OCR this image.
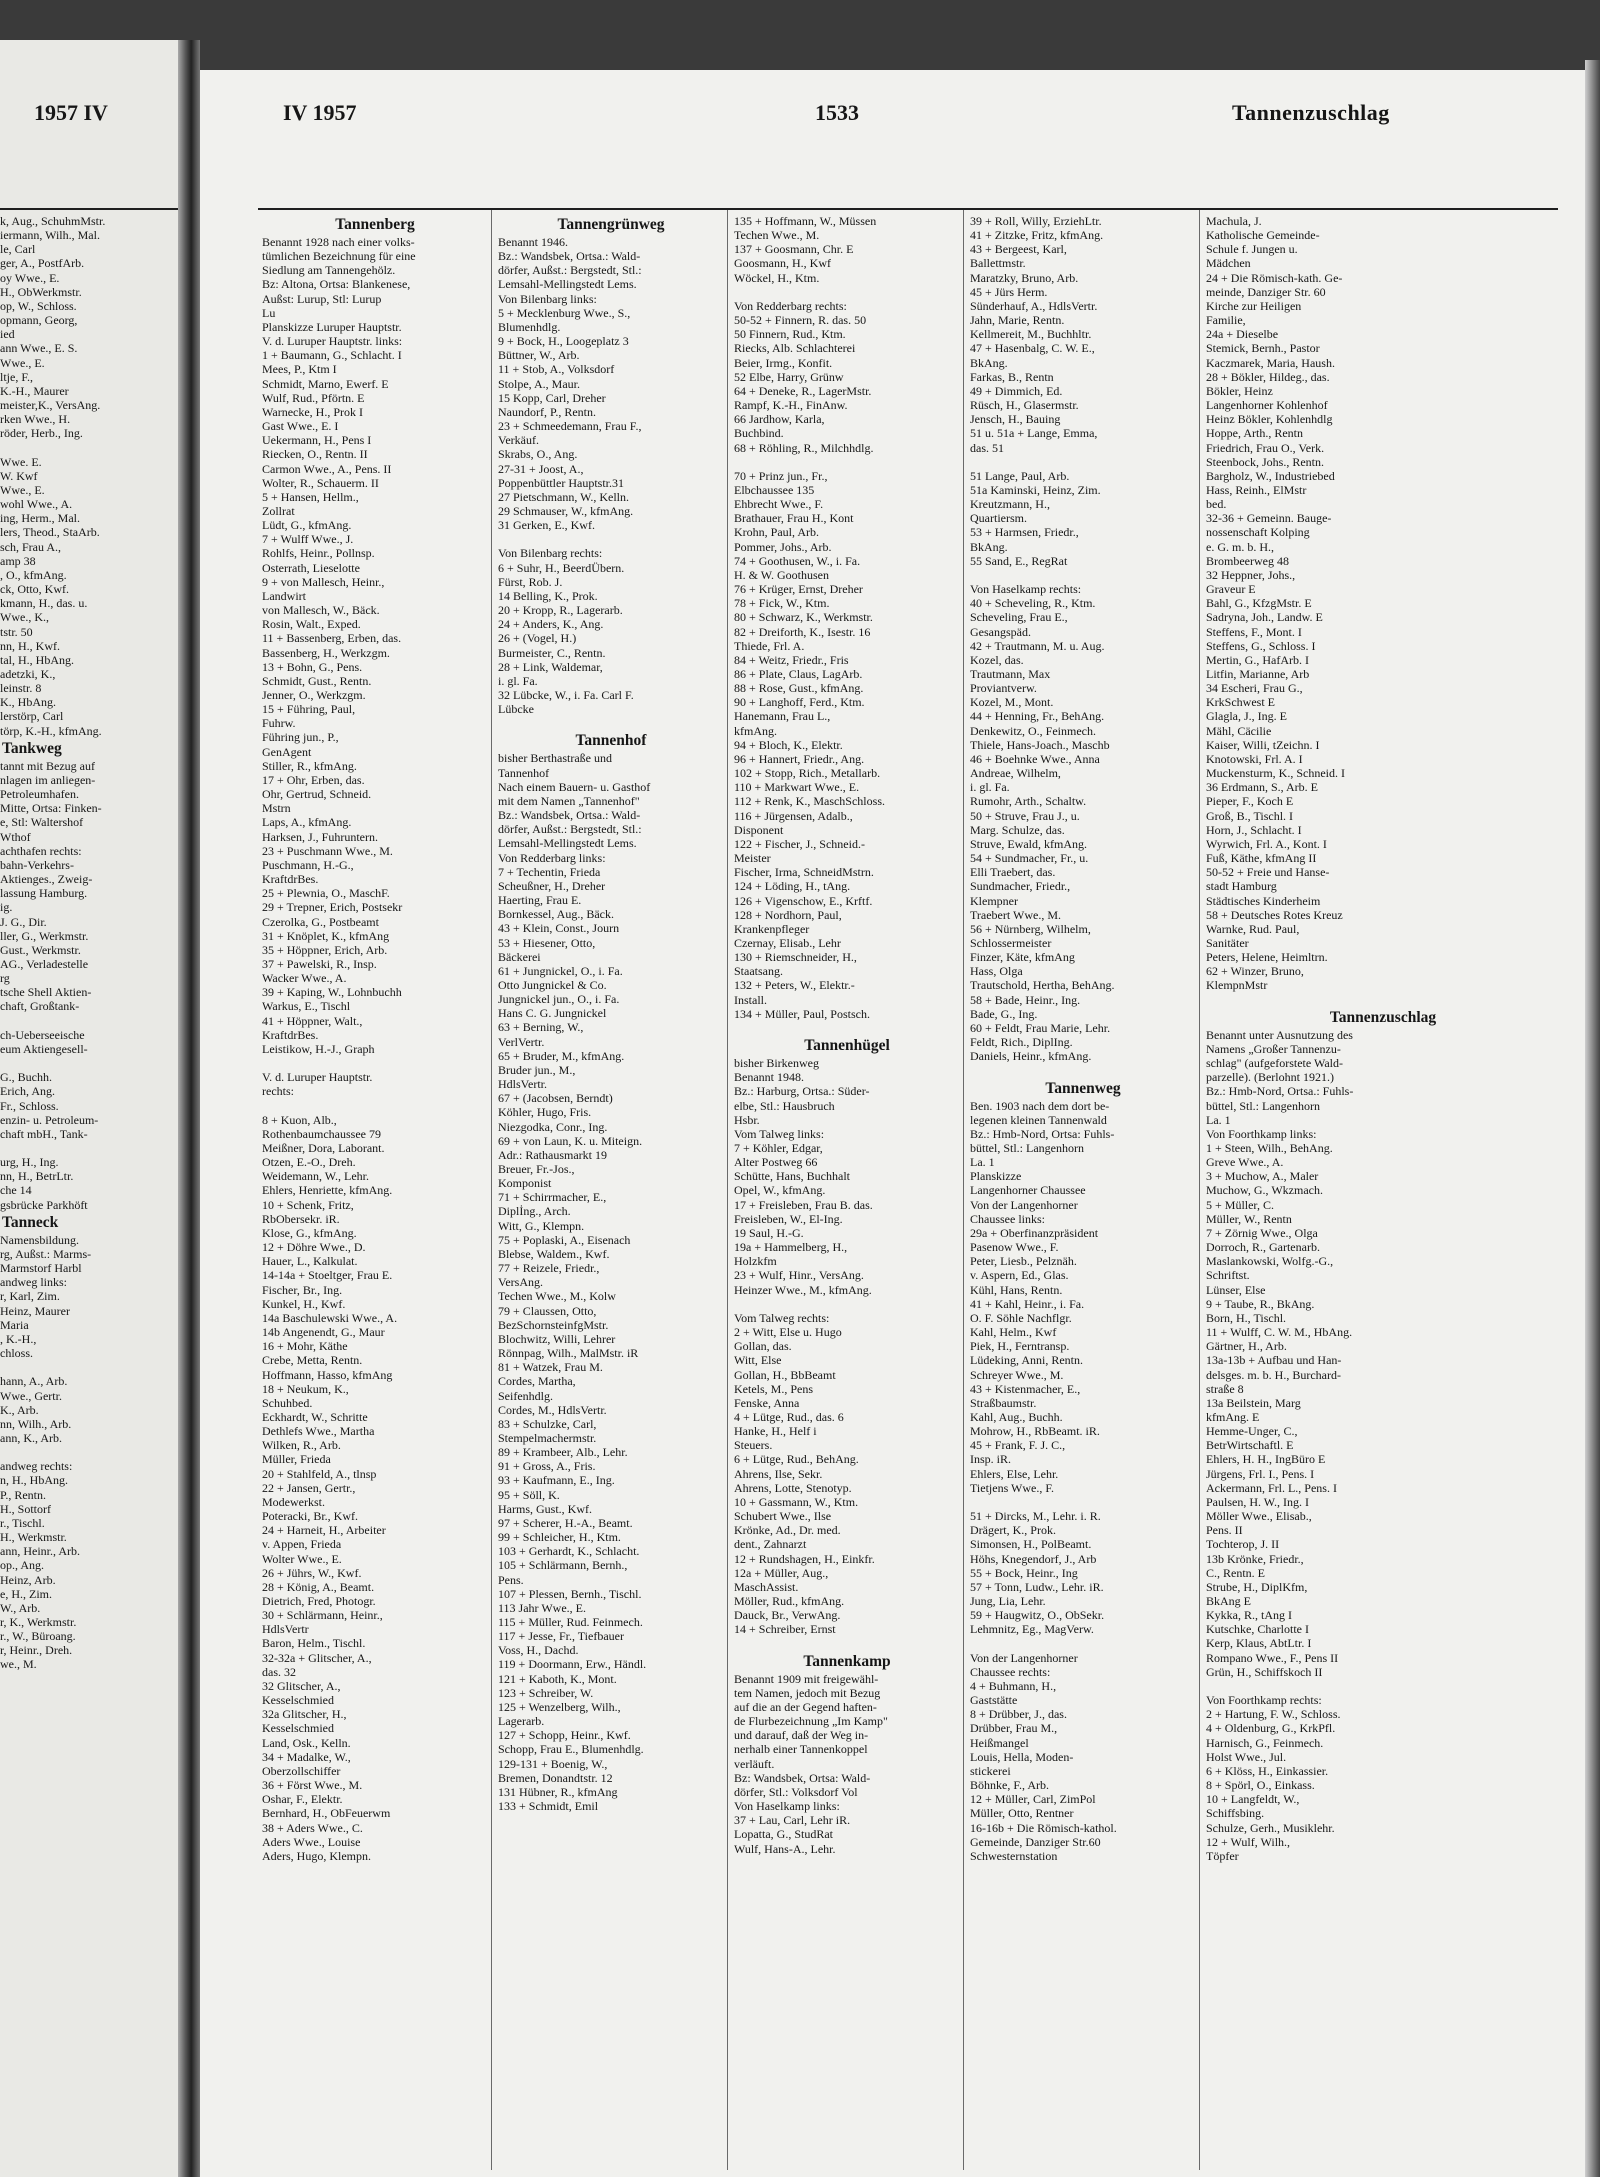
1957 IV	IV 1957	1533	Tannenzuschlag

k, Aug., SchuhmMstr.

iermann, Wilh., Mal.

le, Carl

ger, A., PostfArb.

oy Wwe., E.

H., ObWerkmstr.

op, W., Schloss.

opmann, Georg,

ied

ann Wwe., E. S.

Wwe., E.

ltje, F.,

K.-H., Maurer

meister,K., VersAng.

rken Wwe., H.

röder, Herb., Ing.

Wwe. E.

W. Kwf

Wwe., E.

wohl Wwe., A.

ing, Herm., Mal.

lers, Theod., StaArb.

sch, Frau A.,

amp 38

, O., kfmAng.

ck, Otto, Kwf.

kmann, H., das. u.

Wwe., K.,

tstr. 50

nn, H., Kwf.

tal, H., HbAng.

adetzki, K.,

leinstr. 8

K., HbAng.

lerstörp, Carl

törp, K.-H., kfmAng.

Tankweg

tannt mit Bezug auf

nlagen im anliegen-

Petroleumhafen.

Mitte, Ortsa: Finken-

e, Stl: Waltershof

Wthof

achthafen rechts:

bahn-Verkehrs-

Aktienges., Zweig-

lassung Hamburg.

ig.

J. G., Dir.

ller, G., Werkmstr.

Gust., Werkmstr.

AG., Verladestelle

rg

tsche Shell Aktien-

chaft, Großtank-

ch-Ueberseeische

eum Aktiengesell-

G., Buchh.

Erich, Ang.

Fr., Schloss.

enzin- u. Petroleum-

chaft mbH., Tank-

urg, H., Ing.

nn, H., BetrLtr.

che 14

gsbrücke Parkhöft

Tanneck

Namensbildung.

rg, Außst.: Marms-

Marmstorf Harbl

andweg links:

r, Karl, Zim.

Heinz, Maurer

Maria

, K.-H.,

chloss.

hann, A., Arb.

Wwe., Gertr.

K., Arb.

nn, Wilh., Arb.

ann, K., Arb.

andweg rechts:

n, H., HbAng.

P., Rentn.

H., Sottorf

r., Tischl.

H., Werkmstr.

ann, Heinr., Arb.

op., Ang.

Heinz, Arb.

e, H., Zim.

W., Arb.

r, K., Werkmstr.

r., W., Büroang.

r, Heinr., Dreh.

we., M.

Tannenberg

Benannt 1928 nach einer volks-

tümlichen Bezeichnung für eine

Siedlung am Tannengehölz.

Bz: Altona, Ortsa: Blankenese,

Außst: Lurup, Stl: Lurup

Lu

Planskizze Luruper Hauptstr.

V. d. Luruper Hauptstr. links:

1 + Baumann, G., Schlacht. I

Mees, P., Ktm I

Schmidt, Marno, Ewerf. E

Wulf, Rud., Pförtn. E

Warnecke, H., Prok I

Gast Wwe., E. I

Uekermann, H., Pens I

Riecken, O., Rentn. II

Carmon Wwe., A., Pens. II

Wolter, R., Schauerm. II

5 + Hansen, Hellm.,

Zollrat

Lüdt, G., kfmAng.

7 + Wulff Wwe., J.

Rohlfs, Heinr., Pollnsp.

Osterrath, Lieselotte

9 + von Mallesch, Heinr.,

Landwirt

von Mallesch, W., Bäck.

Rosin, Walt., Exped.

11 + Bassenberg, Erben, das.

Bassenberg, H., Werkzgm.

13 + Bohn, G., Pens.

Schmidt, Gust., Rentn.

Jenner, O., Werkzgm.

15 + Führing, Paul,

Fuhrw.

Führing jun., P.,

GenAgent

Stiller, R., kfmAng.

17 + Ohr, Erben, das.

Ohr, Gertrud, Schneid.

Mstrn

Laps, A., kfmAng.

Harksen, J., Fuhruntern.

23 + Puschmann Wwe., M.

Puschmann, H.-G.,

KraftdrBes.

25 + Plewnia, O., MaschF.

29 + Trepner, Erich, Postsekr

Czerolka, G., Postbeamt

31 + Knöplet, K., kfmAng

35 + Höppner, Erich, Arb.

37 + Pawelski, R., Insp.

Wacker Wwe., A.

39 + Kaping, W., Lohnbuchh

Warkus, E., Tischl

41 + Höppner, Walt.,

KraftdrBes.

Leistikow, H.-J., Graph

V. d. Luruper Hauptstr.

rechts:

8 + Kuon, Alb.,

Rothenbaumchaussee 79

Meißner, Dora, Laborant.

Otzen, E.-O., Dreh.

Weidemann, W., Lehr.

Ehlers, Henriette, kfmAng.

10 + Schenk, Fritz,

RbObersekr. iR.

Klose, G., kfmAng.

12 + Döhre Wwe., D.

Hauer, L., Kalkulat.

14-14a + Stoeltger, Frau E.

Fischer, Br., Ing.

Kunkel, H., Kwf.

14a Baschulewski Wwe., A.

14b Angenendt, G., Maur

16 + Mohr, Käthe

Crebe, Metta, Rentn.

Hoffmann, Hasso, kfmAng

18 + Neukum, K.,

Schuhbed.

Eckhardt, W., Schritte

Dethlefs Wwe., Martha

Wilken, R., Arb.

Müller, Frieda

20 + Stahlfeld, A., tlnsp

22 + Jansen, Gertr.,

Modewerkst.

Poteracki, Br., Kwf.

24 + Harneit, H., Arbeiter

v. Appen, Frieda

Wolter Wwe., E.

26 + Jührs, W., Kwf.

28 + König, A., Beamt.

Dietrich, Fred, Photogr.

30 + Schlärmann, Heinr.,

HdlsVertr

Baron, Helm., Tischl.

32-32a + Glitscher, A.,

das. 32

32 Glitscher, A.,

Kesselschmied

32a Glitscher, H.,

Kesselschmied

Land, Osk., Kelln.

34 + Madalke, W.,

Oberzollschiffer

36 + Först Wwe., M.

Oshar, F., Elektr.

Bernhard, H., ObFeuerwm

38 + Aders Wwe., C.

Aders Wwe., Louise

Aders, Hugo, Klempn.

Tannengrünweg

Benannt 1946.

Bz.: Wandsbek, Ortsa.: Wald-

dörfer, Außst.: Bergstedt, Stl.:

Lemsahl-Mellingstedt Lems.

Von Bilenbarg links:

5 + Mecklenburg Wwe., S.,

Blumenhdlg.

9 + Bock, H., Loogeplatz 3

Büttner, W., Arb.

11 + Stob, A., Volksdorf

Stolpe, A., Maur.

15 Kopp, Carl, Dreher

Naundorf, P., Rentn.

23 + Schmeedemann, Frau F.,

Verkäuf.

Skrabs, O., Ang.

27-31 + Joost, A.,

Poppenbüttler Hauptstr.31

27 Pietschmann, W., Kelln.

29 Schmauser, W., kfmAng.

31 Gerken, E., Kwf.

Von Bilenbarg rechts:

6 + Suhr, H., BeerdÜbern.

Fürst, Rob. J.

14 Belling, K., Prok.

20 + Kropp, R., Lagerarb.

24 + Anders, K., Ang.

26 + (Vogel, H.)

Burmeister, C., Rentn.

28 + Link, Waldemar,

i. gl. Fa.

32 Lübcke, W., i. Fa. Carl F.

Lübcke

Tannenhof

bisher Berthastraße und

Tannenhof

Nach einem Bauern- u. Gasthof

mit dem Namen „Tannenhof"

Bz.: Wandsbek, Ortsa.: Wald-

dörfer, Außst.: Bergstedt, Stl.:

Lemsahl-Mellingstedt Lems.

Von Redderbarg links:

7 + Techentin, Frieda

Scheußner, H., Dreher

Haerting, Frau E.

Bornkessel, Aug., Bäck.

43 + Klein, Const., Journ

53 + Hiesener, Otto,

Bäckerei

61 + Jungnickel, O., i. Fa.

Otto Jungnickel & Co.

Jungnickel jun., O., i. Fa.

Hans C. G. Jungnickel

63 + Berning, W.,

VerlVertr.

65 + Bruder, M., kfmAng.

Bruder jun., M.,

HdlsVertr.

67 + (Jacobsen, Berndt)

Köhler, Hugo, Fris.

Niezgodka, Conr., Ing.

69 + von Laun, K. u. Miteign.

Adr.: Rathausmarkt 19

Breuer, Fr.-Jos.,

Komponist

71 + Schirrmacher, E.,

Diplİng., Arch.

Witt, G., Klempn.

75 + Poplaski, A., Eisenach

Blebse, Waldem., Kwf.

77 + Reizele, Friedr.,

VersAng.

Techen Wwe., M., Kolw

79 + Claussen, Otto,

BezSchornsteinfgMstr.

Blochwitz, Willi, Lehrer

Rönnpag, Wilh., MalMstr. iR

81 + Watzek, Frau M.

Cordes, Martha,

Seifenhdlg.

Cordes, M., HdlsVertr.

83 + Schulzke, Carl,

Stempelmachermstr.

89 + Krambeer, Alb., Lehr.

91 + Gross, A., Fris.

93 + Kaufmann, E., Ing.

95 + Söll, K.

Harms, Gust., Kwf.

97 + Scherer, H.-A., Beamt.

99 + Schleicher, H., Ktm.

103 + Gerhardt, K., Schlacht.

105 + Schlärmann, Bernh.,

Pens.

107 + Plessen, Bernh., Tischl.

113 Jahr Wwe., E.

115 + Müller, Rud. Feinmech.

117 + Jesse, Fr., Tiefbauer

Voss, H., Dachd.

119 + Doormann, Erw., Händl.

121 + Kaboth, K., Mont.

123 + Schreiber, W.

125 + Wenzelberg, Wilh.,

Lagerarb.

127 + Schopp, Heinr., Kwf.

Schopp, Frau E., Blumenhdlg.

129-131 + Boenig, W.,

Bremen, Donandtstr. 12

131 Hübner, R., kfmAng

133 + Schmidt, Emil

135 + Hoffmann, W., Müssen

Techen Wwe., M.

137 + Goosmann, Chr. E

Goosmann, H., Kwf

Wöckel, H., Ktm.

Von Redderbarg rechts:

50-52 + Finnern, R. das. 50

50 Finnern, Rud., Ktm.

Riecks, Alb. Schlachterei

Beier, Irmg., Konfit.

52 Elbe, Harry, Grünw

64 + Deneke, R., LagerMstr.

Rampf, K.-H., FinAnw.

66 Jardhow, Karla,

Buchbind.

68 + Röhling, R., Milchhdlg.

70 + Prinz jun., Fr.,

Elbchaussee 135

Ehbrecht Wwe., F.

Brathauer, Frau H., Kont

Krohn, Paul, Arb.

Pommer, Johs., Arb.

74 + Goothusen, W., i. Fa.

H. & W. Goothusen

76 + Krüger, Ernst, Dreher

78 + Fick, W., Ktm.

80 + Schwarz, K., Werkmstr.

82 + Dreiforth, K., Isestr. 16

Thiede, Frl. A.

84 + Weitz, Friedr., Fris

86 + Plate, Claus, LagArb.

88 + Rose, Gust., kfmAng.

90 + Langhoff, Ferd., Ktm.

Hanemann, Frau L.,

kfmAng.

94 + Bloch, K., Elektr.

96 + Hannert, Friedr., Ang.

102 + Stopp, Rich., Metallarb.

110 + Markwart Wwe., E.

112 + Renk, K., MaschSchloss.

116 + Jürgensen, Adalb.,

Disponent

122 + Fischer, J., Schneid.-

Meister

Fischer, Irma, SchneidMstrn.

124 + Löding, H., tAng.

126 + Vigenschow, E., Krftf.

128 + Nordhorn, Paul,

Krankenpfleger

Czernay, Elisab., Lehr

130 + Riemschneider, H.,

Staatsang.

132 + Peters, W., Elektr.-

Install.

134 + Müller, Paul, Postsch.

Tannenhügel

bisher Birkenweg

Benannt 1948.

Bz.: Harburg, Ortsa.: Süder-

elbe, Stl.: Hausbruch

Hsbr.

Vom Talweg links:

7 + Köhler, Edgar,

Alter Postweg 66

Schütte, Hans, Buchhalt

Opel, W., kfmAng.

17 + Freisleben, Frau B. das.

Freisleben, W., El-Ing.

19 Saul, H.-G.

19a + Hammelberg, H.,

Holzkfm

23 + Wulf, Hinr., VersAng.

Heinzer Wwe., M., kfmAng.

Vom Talweg rechts:

2 + Witt, Else u. Hugo

Gollan, das.

Witt, Else

Gollan, H., BbBeamt

Ketels, M., Pens

Fenske, Anna

4 + Lütge, Rud., das. 6

Hanke, H., Helf i

Steuers.

6 + Lütge, Rud., BehAng.

Ahrens, Ilse, Sekr.

Ahrens, Lotte, Stenotyp.

10 + Gassmann, W., Ktm.

Schubert Wwe., Ilse

Krönke, Ad., Dr. med.

dent., Zahnarzt

12 + Rundshagen, H., Einkfr.

12a + Müller, Aug.,

MaschAssist.

Möller, Rud., kfmAng.

Dauck, Br., VerwAng.

14 + Schreiber, Ernst

Tannenkamp

Benannt 1909 mit freigewähl-

tem Namen, jedoch mit Bezug

auf die an der Gegend haften-

de Flurbezeichnung „Im Kamp"

und darauf, daß der Weg in-

nerhalb einer Tannenkoppel

verläuft.

Bz: Wandsbek, Ortsa: Wald-

dörfer, Stl.: Volksdorf Vol

Von Haselkamp links:

37 + Lau, Carl, Lehr iR.

Lopatta, G., StudRat

Wulf, Hans-A., Lehr.

39 + Roll, Willy, ErziehLtr.

41 + Zitzke, Fritz, kfmAng.

43 + Bergeest, Karl,

Ballettmstr.

Maratzky, Bruno, Arb.

45 + Jürs Herm.

Sünderhauf, A., HdlsVertr.

Jahn, Marie, Rentn.

Kellmereit, M., Buchhltr.

47 + Hasenbalg, C. W. E.,

BkAng.

Farkas, B., Rentn

49 + Dimmich, Ed.

Rüsch, H., Glasermstr.

Jensch, H., Bauing

51 u. 51a + Lange, Emma,

das. 51

51 Lange, Paul, Arb.

51a Kaminski, Heinz, Zim.

Kreutzmann, H.,

Quartiersm.

53 + Harmsen, Friedr.,

BkAng.

55 Sand, E., RegRat

Von Haselkamp rechts:

40 + Scheveling, R., Ktm.

Scheveling, Frau E.,

Gesangspäd.

42 + Trautmann, M. u. Aug.

Kozel, das.

Trautmann, Max

Proviantverw.

Kozel, M., Mont.

44 + Henning, Fr., BehAng.

Denkewitz, O., Feinmech.

Thiele, Hans-Joach., Maschb

46 + Boehnke Wwe., Anna

Andreae, Wilhelm,

i. gl. Fa.

Rumohr, Arth., Schaltw.

50 + Struve, Frau J., u.

Marg. Schulze, das.

Struve, Ewald, kfmAng.

54 + Sundmacher, Fr., u.

Elli Traebert, das.

Sundmacher, Friedr.,

Klempner

Traebert Wwe., M.

56 + Nürnberg, Wilhelm,

Schlossermeister

Finzer, Käte, kfmAng

Hass, Olga

Trautschold, Hertha, BehAng.

58 + Bade, Heinr., Ing.

Bade, G., Ing.

60 + Feldt, Frau Marie, Lehr.

Feldt, Rich., DiplIng.

Daniels, Heinr., kfmAng.

Tannenweg

Ben. 1903 nach dem dort be-

legenen kleinen Tannenwald

Bz.: Hmb-Nord, Ortsa: Fuhls-

büttel, Stl.: Langenhorn

La. 1

Planskizze

Langenhorner Chaussee

Von der Langenhorner

Chaussee links:

29a + Oberfinanzpräsident

Pasenow Wwe., F.

Peter, Liesb., Pelznäh.

v. Aspern, Ed., Glas.

Kühl, Hans, Rentn.

41 + Kahl, Heinr., i. Fa.

O. F. Söhle Nachflgr.

Kahl, Helm., Kwf

Piek, H., Ferntransp.

Lüdeking, Anni, Rentn.

Schreyer Wwe., M.

43 + Kistenmacher, E.,

Straßbaumstr.

Kahl, Aug., Buchh.

Mohrow, H., RbBeamt. iR.

45 + Frank, F. J. C.,

Insp. iR.

Ehlers, Else, Lehr.

Tietjens Wwe., F.

51 + Dircks, M., Lehr. i. R.

Drägert, K., Prok.

Simonsen, H., PolBeamt.

Höhs, Knegendorf, J., Arb

55 + Bock, Heinr., Ing

57 + Tonn, Ludw., Lehr. iR.

Jung, Lia, Lehr.

59 + Haugwitz, O., ObSekr.

Lehmnitz, Eg., MagVerw.

Von der Langenhorner

Chaussee rechts:

4 + Buhmann, H.,

Gaststätte

8 + Drübber, J., das.

Drübber, Frau M.,

Heißmangel

Louis, Hella, Moden-

stickerei

Böhnke, F., Arb.

12 + Müller, Carl, ZimPol

Müller, Otto, Rentner

16-16b + Die Römisch-kathol.

Gemeinde, Danziger Str.60

Schwesternstation

Machula, J.

Katholische Gemeinde-

Schule f. Jungen u.

Mädchen

24 + Die Römisch-kath. Ge-

meinde, Danziger Str. 60

Kirche zur Heiligen

Familie,

24a + Dieselbe

Stemick, Bernh., Pastor

Kaczmarek, Maria, Haush.

28 + Bökler, Hildeg., das.

Bökler, Heinz

Langenhorner Kohlenhof

Heinz Bökler, Kohlenhdlg

Hoppe, Arth., Rentn

Friedrich, Frau O., Verk.

Steenbock, Johs., Rentn.

Bargholz, W., Industriebed

Hass, Reinh., ElMstr

bed.

32-36 + Gemeinn. Bauge-

nossenschaft Kolping

e. G. m. b. H.,

Brombeerweg 48

32 Heppner, Johs.,

Graveur E

Bahl, G., KfzgMstr. E

Sadryna, Joh., Landw. E

Steffens, F., Mont. I

Steffens, G., Schloss. I

Mertin, G., HafArb. I

Litfin, Marianne, Arb

34 Escheri, Frau G.,

KrkSchwest E

Glagla, J., Ing. E

Mähl, Cäcilie

Kaiser, Willi, tZeichn. I

Knotowski, Frl. A. I

Muckensturm, K., Schneid. I

36 Erdmann, S., Arb. E

Pieper, F., Koch E

Groß, B., Tischl. I

Horn, J., Schlacht. I

Wyrwich, Frl. A., Kont. I

Fuß, Käthe, kfmAng II

50-52 + Freie und Hanse-

stadt Hamburg

Städtisches Kinderheim

58 + Deutsches Rotes Kreuz

Warnke, Rud. Paul,

Sanitäter

Peters, Helene, Heimltrn.

62 + Winzer, Bruno,

KlempnMstr

Tannenzuschlag

Benannt unter Ausnutzung des

Namens „Großer Tannenzu-

schlag" (aufgeforstete Wald-

parzelle). (Berlohnt 1921.)

Bz.: Hmb-Nord, Ortsa.: Fuhls-

büttel, Stl.: Langenhorn

La. 1

Von Foorthkamp links:

1 + Steen, Wilh., BehAng.

Greve Wwe., A.

3 + Muchow, A., Maler

Muchow, G., Wkzmach.

5 + Müller, C.

Müller, W., Rentn

7 + Zörnig Wwe., Olga

Dorroch, R., Gartenarb.

Maslankowski, Wolfg.-G.,

Schriftst.

Lünser, Else

9 + Taube, R., BkAng.

Born, H., Tischl.

11 + Wulff, C. W. M., HbAng.

Gärtner, H., Arb.

13a-13b + Aufbau und Han-

delsges. m. b. H., Burchard-

straße 8

13a Beilstein, Marg

kfmAng. E

Hemme-Unger, C.,

BetrWirtschaftl. E

Ehlers, H. H., IngBüro E

Jürgens, Frl. I., Pens. I

Ackermann, Frl. L., Pens. I

Paulsen, H. W., Ing. I

Möller Wwe., Elisab.,

Pens. II

Tochterop, J. II

13b Krönke, Friedr.,

C., Rentn. E

Strube, H., DiplKfm,

BkAng E

Kykka, R., tAng I

Kutschke, Charlotte I

Kerp, Klaus, AbtLtr. I

Rompano Wwe., F., Pens II

Grün, H., Schiffskoch II

Von Foorthkamp rechts:

2 + Hartung, F. W., Schloss.

4 + Oldenburg, G., KrkPfl.

Harnisch, G., Feinmech.

Holst Wwe., Jul.

6 + Klöss, H., Einkassier.

8 + Spörl, O., Einkass.

10 + Langfeldt, W.,

Schiffsbing.

Schulze, Gerh., Musiklehr.

12 + Wulf, Wilh.,

Töpfer
